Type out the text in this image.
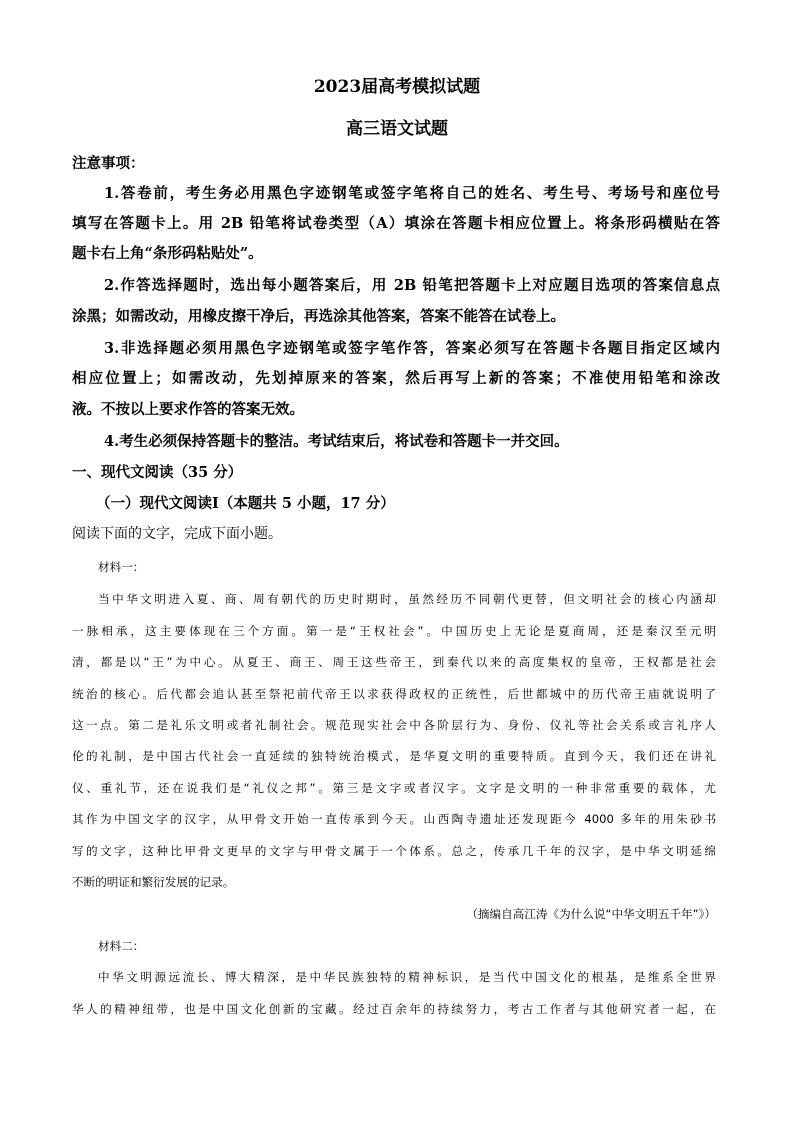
2023届高考模拟试题
高三语文试题
注意事项：
1.答卷前，考生务必用黑色字迹钢笔或签字笔将自己的姓名、考生号、考场号和座位号
填写在答题卡上。用 2B 铅笔将试卷类型（A）填涂在答题卡相应位置上。将条形码横贴在答
题卡右上角“条形码粘贴处”。
2.作答选择题时，选出每小题答案后，用 2B 铅笔把答题卡上对应题目选项的答案信息点
涂黑；如需改动，用橡皮擦干净后，再选涂其他答案，答案不能答在试卷上。
3.非选择题必须用黑色字迹钢笔或签字笔作答，答案必须写在答题卡各题目指定区域内
相应位置上；如需改动，先划掉原来的答案，然后再写上新的答案；不准使用铅笔和涂改
液。不按以上要求作答的答案无效。
4.考生必须保持答题卡的整洁。考试结束后，将试卷和答题卡一并交回。
一、现代文阅读（35 分）
（一）现代文阅读Ⅰ（本题共 5 小题，17 分）
阅读下面的文字，完成下面小题。
材料一：
当中华文明进入夏、商、周有朝代的历史时期时，虽然经历不同朝代更替，但文明社会的核心内涵却
一脉相承，这主要体现在三个方面。第一是“王权社会”。中国历史上无论是夏商周，还是秦汉至元明
清，都是以“王”为中心。从夏王、商王、周王这些帝王，到秦代以来的高度集权的皇帝，王权都是社会
统治的核心。后代都会追认甚至祭祀前代帝王以求获得政权的正统性，后世都城中的历代帝王庙就说明了
这一点。第二是礼乐文明或者礼制社会。规范现实社会中各阶层行为、身份、仪礼等社会关系或言礼序人
伦的礼制，是中国古代社会一直延续的独特统治模式，是华夏文明的重要特质。直到今天，我们还在讲礼
仪、重礼节，还在说我们是“礼仪之邦”。第三是文字或者汉字。文字是文明的一种非常重要的载体，尤
其作为中国文字的汉字，从甲骨文开始一直传承到今天。山西陶寺遗址还发现距今 4000 多年的用朱砂书
写的文字，这种比甲骨文更早的文字与甲骨文属于一个体系。总之，传承几千年的汉字，是中华文明延绵
不断的明证和繁衍发展的记录。
（摘编自高江涛《为什么说“中华文明五千年”》）
材料二：
中华文明源远流长、博大精深，是中华民族独特的精神标识，是当代中国文化的根基，是维系全世界
华人的精神纽带，也是中国文化创新的宝藏。经过百余年的持续努力，考古工作者与其他研究者一起，在
